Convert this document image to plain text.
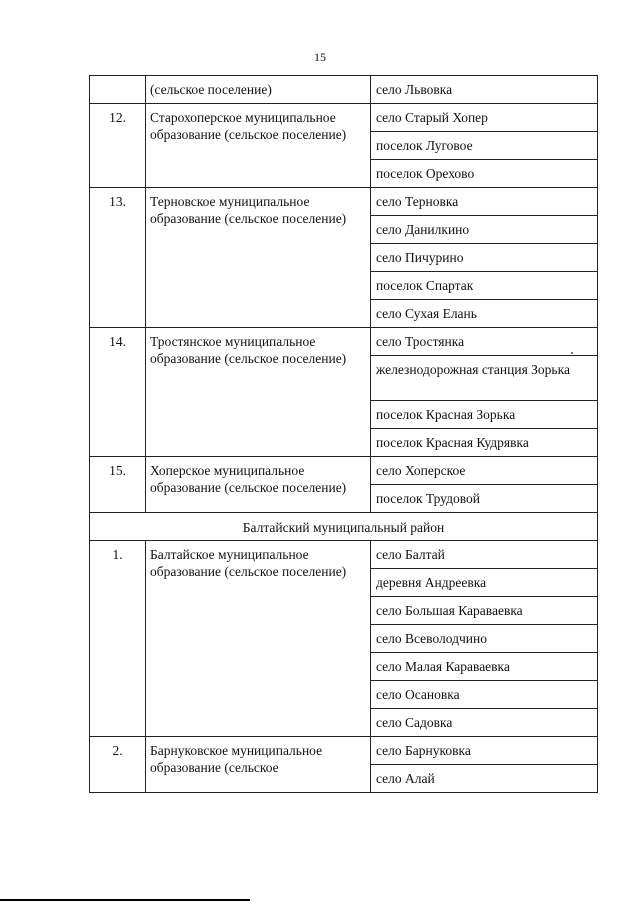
15
	(сельское поселение)	село Львовка
12.	Старохоперское муниципальное образование (сельское поселение)	село Старый Хопер
		поселок Луговое
		поселок Орехово
13.	Терновское муниципальное образование (сельское поселение)	село Терновка
		село Данилкино
		село Пичурино
		поселок Спартак
		село Сухая Елань
14.	Тростянское муниципальное образование (сельское поселение)	село Тростянка
		железнодорожная станция Зорька
		поселок Красная Зорька
		поселок Красная Кудрявка
15.	Хоперское муниципальное образование (сельское поселение)	село Хоперское
		поселок Трудовой
Балтайский муниципальный район		
1.	Балтайское муниципальное образование (сельское поселение)	село Балтай
		деревня Андреевка
		село Большая Караваевка
		село Всеволодчино
		село Малая Караваевка
		село Осановка
		село Садовка
2.	Барнуковское муниципальное образование (сельское	село Барнуковка
		село Алай
